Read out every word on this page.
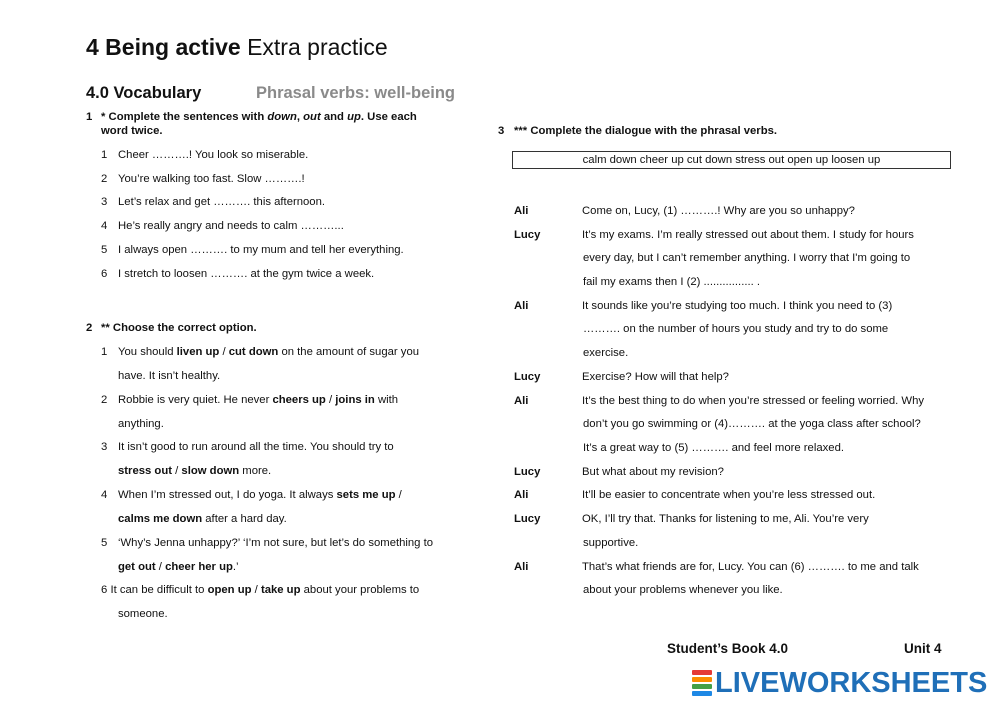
4 Being active Extra practice
4.0 Vocabulary	Phrasal verbs: well-being
1 * Complete the sentences with down, out and up. Use each
word twice.
1 Cheer ……….! You look so miserable.
2 You’re walking too fast. Slow ……….!
3 Let’s relax and get ………. this afternoon.
4 He’s really angry and needs to calm ………...
5 I always open ………. to my mum and tell her everything.
6 I stretch to loosen ………. at the gym twice a week.
2 ** Choose the correct option.
1 You should liven up / cut down on the amount of sugar you
have. It isn’t healthy.
2 Robbie is very quiet. He never cheers up / joins in with
anything.
3 It isn’t good to run around all the time. You should try to
stress out / slow down more.
4 When I’m stressed out, I do yoga. It always sets me up /
calms me down after a hard day.
5 ‘Why’s Jenna unhappy?’ ‘I’m not sure, but let’s do something to
get out / cheer her up.’
6 It can be difficult to open up / take up about your problems to
someone.
3 *** Complete the dialogue with the phrasal verbs.
calm down cheer up cut down stress out open up loosen up
Ali	Come on, Lucy, (1) ……….! Why are you so unhappy?
Lucy	It’s my exams. I’m really stressed out about them. I study for hours
every day, but I can’t remember anything. I worry that I'm going to
fail my exams then I (2) ................ .
Ali	It sounds like you’re studying too much. I think you need to (3)
………. on the number of hours you study and try to do some
exercise.
Lucy	Exercise? How will that help?
Ali	It’s the best thing to do when you’re stressed or feeling worried. Why
don’t you go swimming or (4)………. at the yoga class after school?
It’s a great way to (5) ………. and feel more relaxed.
Lucy	But what about my revision?
Ali	It’ll be easier to concentrate when you’re less stressed out.
Lucy	OK, I’ll try that. Thanks for listening to me, Ali. You’re very
supportive.
Ali	That’s what friends are for, Lucy. You can (6) ………. to me and talk
about your problems whenever you like.
Student’s Book 4.0	Unit 4
LIVEWORKSHEETS
